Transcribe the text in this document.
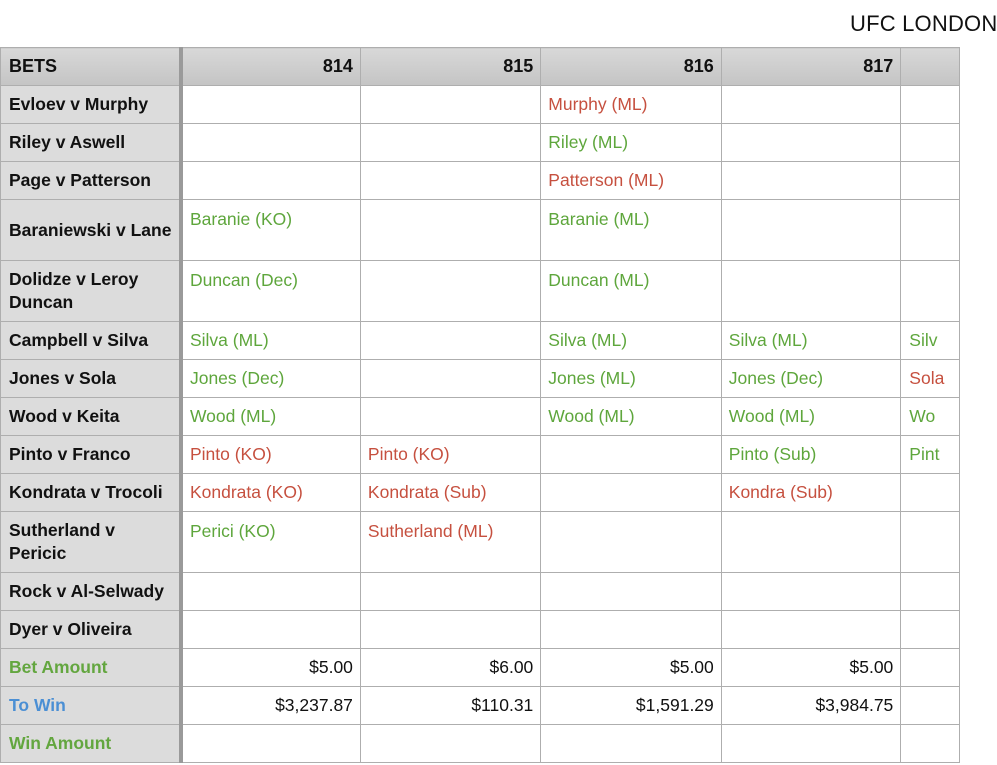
UFC LONDON
BETS	814	815	816	817	
Evloev v Murphy			Murphy (ML)		
Riley v Aswell			Riley (ML)		
Page v Patterson			Patterson (ML)		
Baraniewski v Lane	Baranie (KO)		Baranie (ML)		
Dolidze v Leroy Duncan	Duncan (Dec)		Duncan (ML)		
Campbell v Silva	Silva (ML)		Silva (ML)	Silva (ML)	Silv
Jones v Sola	Jones (Dec)		Jones (ML)	Jones (Dec)	Sola
Wood v Keita	Wood (ML)		Wood (ML)	Wood (ML)	Wo
Pinto v Franco	Pinto (KO)	Pinto (KO)		Pinto (Sub)	Pint
Kondrata v Trocoli	Kondrata (KO)	Kondrata (Sub)		Kondra (Sub)	
Sutherland v Pericic	Perici (KO)	Sutherland (ML)			
Rock v Al-Selwady					
Dyer v Oliveira					
Bet Amount	$5.00	$6.00	$5.00	$5.00	
To Win	$3,237.87	$110.31	$1,591.29	$3,984.75	
Win Amount					
